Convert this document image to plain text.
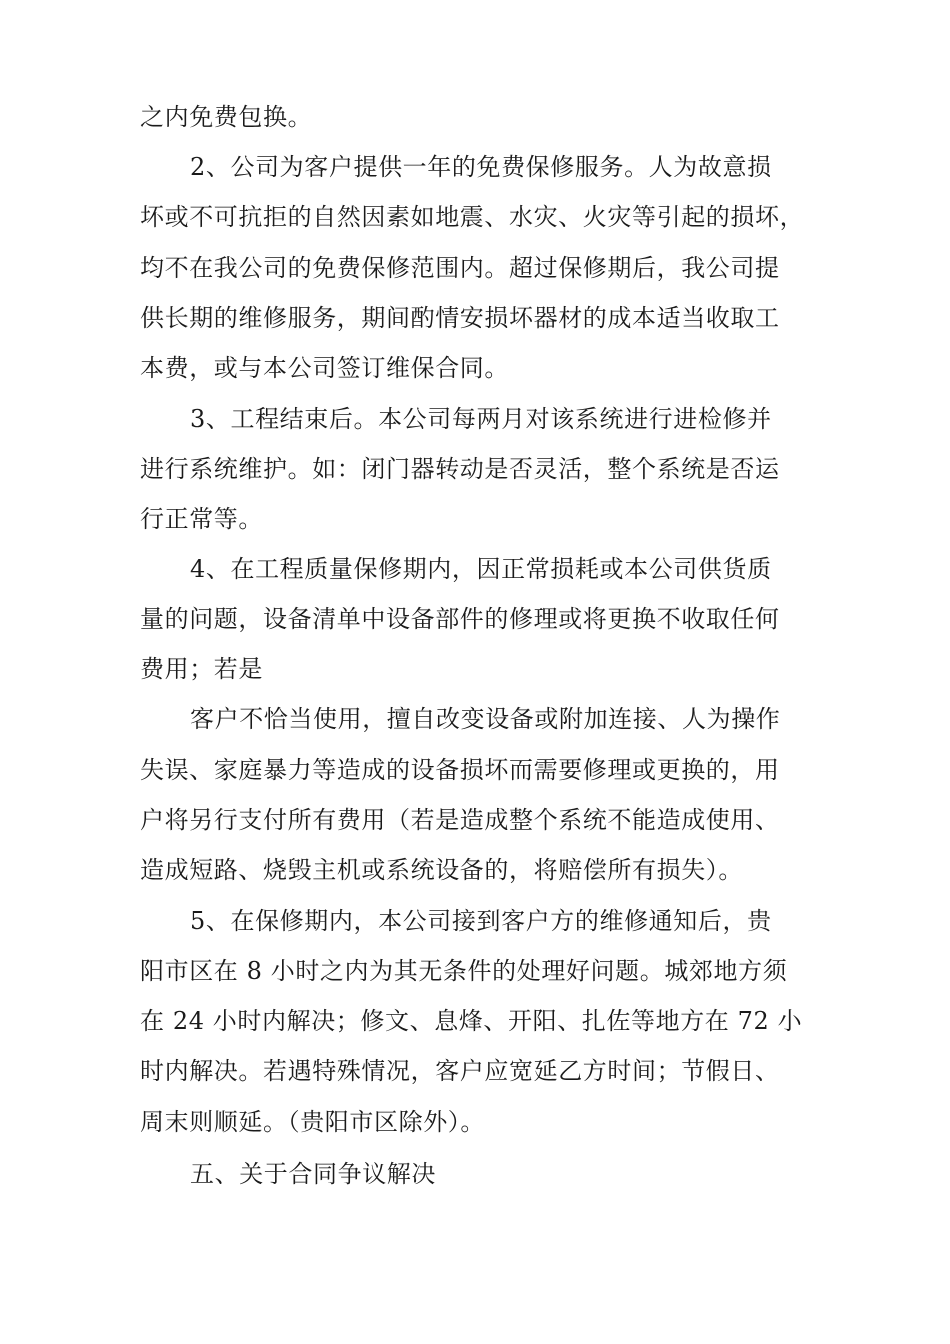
之内免费包换。
2、公司为客户提供一年的免费保修服务。人为故意损
坏或不可抗拒的自然因素如地震、水灾、火灾等引起的损坏，
均不在我公司的免费保修范围内。超过保修期后，我公司提
供长期的维修服务，期间酌情安损坏器材的成本适当收取工
本费，或与本公司签订维保合同。
3、工程结束后。本公司每两月对该系统进行进检修并
进行系统维护。如：闭门器转动是否灵活，整个系统是否运
行正常等。
4、在工程质量保修期内，因正常损耗或本公司供货质
量的问题，设备清单中设备部件的修理或将更换不收取任何
费用；若是
客户不恰当使用，擅自改变设备或附加连接、人为操作
失误、家庭暴力等造成的设备损坏而需要修理或更换的，用
户将另行支付所有费用（若是造成整个系统不能造成使用、
造成短路、烧毁主机或系统设备的，将赔偿所有损失）。
5、在保修期内，本公司接到客户方的维修通知后，贵
阳市区在 8 小时之内为其无条件的处理好问题。城郊地方须
在 24 小时内解决；修文、息烽、开阳、扎佐等地方在 72 小
时内解决。若遇特殊情况，客户应宽延乙方时间；节假日、
周末则顺延。（贵阳市区除外）。
五、关于合同争议解决
